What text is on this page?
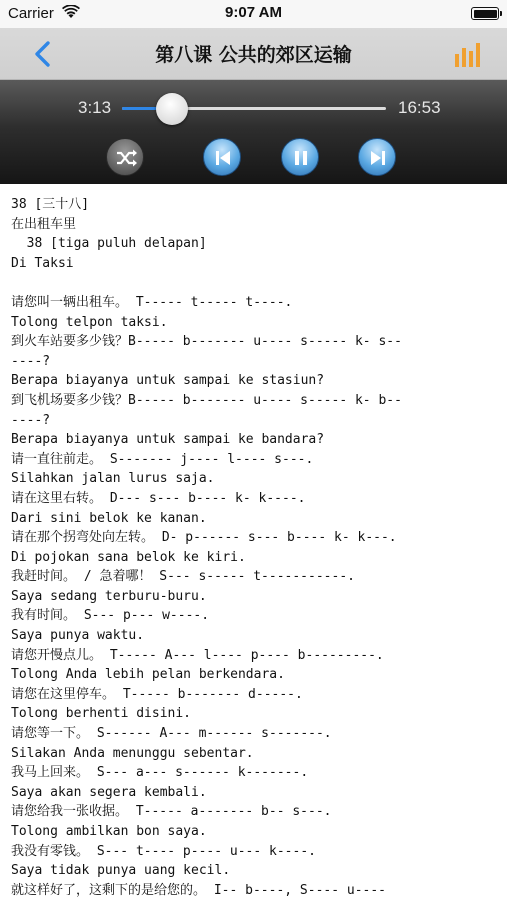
Carrier	9:07 AM
第八课 公共的郊区运输
3:13	16:53
38 [三十八]
在出租车里
38 [tiga puluh delapan]
Di Taksi
请您叫一辆出租车。 T----- t----- t----.
Tolong telpon taksi.
到火车站要多少钱？B----- b------- u---- s----- k- s--
----?
Berapa biayanya untuk sampai ke stasiun?
到飞机场要多少钱？B----- b------- u---- s----- k- b--
----?
Berapa biayanya untuk sampai ke bandara?
请一直往前走。 S------- j---- l---- s---.
Silahkan jalan lurus saja.
请在这里右转。 D--- s--- b---- k- k----.
Dari sini belok ke kanan.
请在那个拐弯处向左转。 D- p------ s--- b---- k- k---.
Di pojokan sana belok ke kiri.
我赶时间。 / 急着哪！ S--- s----- t-----------.
Saya sedang terburu-buru.
我有时间。 S--- p--- w----.
Saya punya waktu.
请您开慢点儿。 T----- A--- l---- p---- b---------.
Tolong Anda lebih pelan berkendara.
请您在这里停车。 T----- b------- d-----.
Tolong berhenti disini.
请您等一下。 S------ A--- m------ s-------.
Silakan Anda menunggu sebentar.
我马上回来。 S--- a--- s------ k-------.
Saya akan segera kembali.
请您给我一张收据。 T----- a------- b-- s---.
Tolong ambilkan bon saya.
我没有零钱。 S--- t---- p---- u--- k----.
Saya tidak punya uang kecil.
就这样好了，这剩下的是给您的。 I-- b----, S---- u----
